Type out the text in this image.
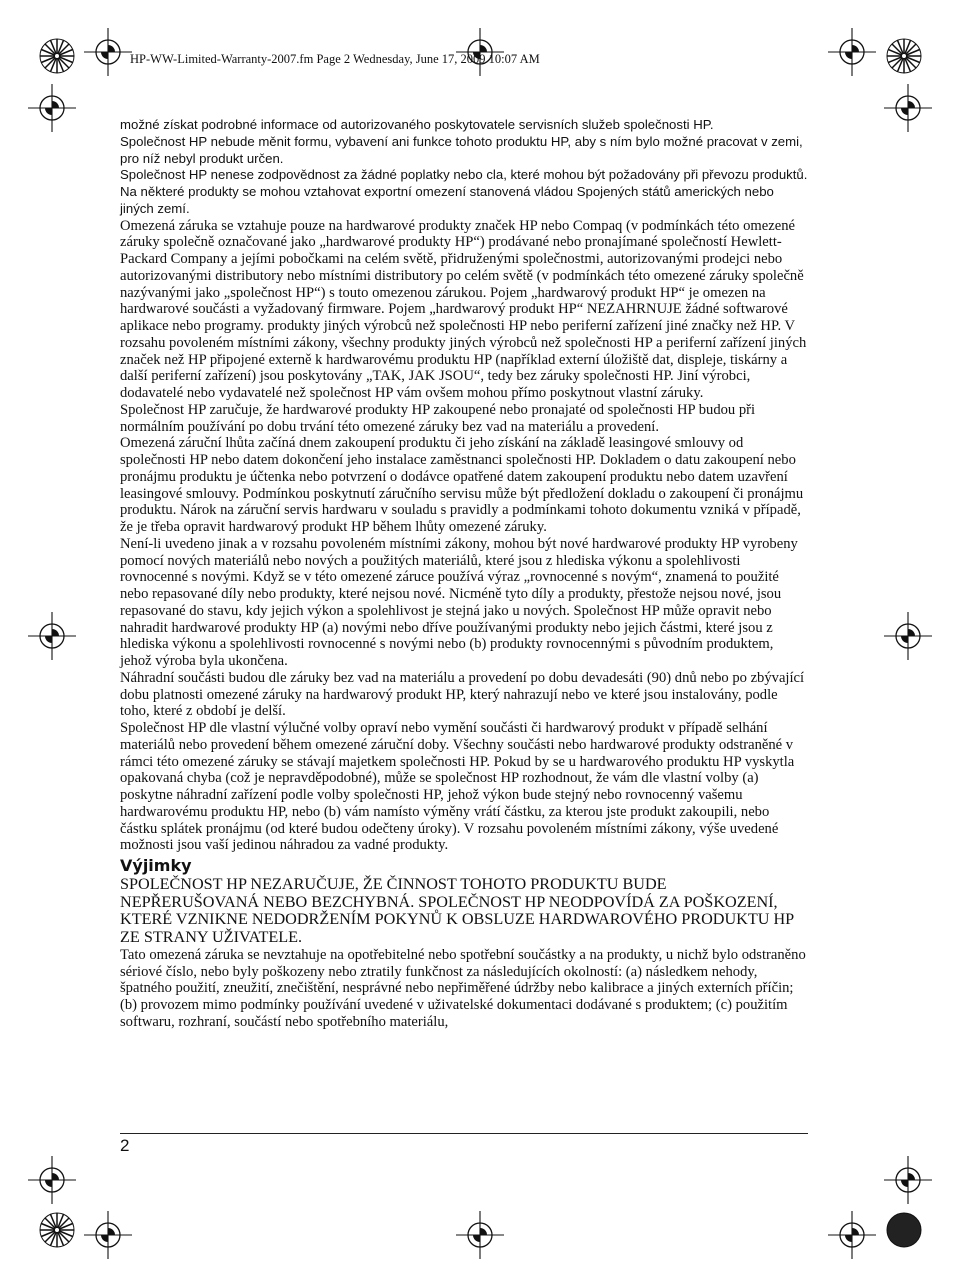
HP-WW-Limited-Warranty-2007.fm Page 2 Wednesday, June 17, 2009 10:07 AM

možné získat podrobné informace od autorizovaného poskytovatele servisních služeb společnosti HP.

Společnost HP nebude měnit formu, vybavení ani funkce tohoto produktu HP, aby s ním bylo možné pracovat v zemi, pro níž nebyl produkt určen.

Společnost HP nenese zodpovědnost za žádné poplatky nebo cla, které mohou být požadovány při převozu produktů. Na některé produkty se mohou vztahovat exportní omezení stanovená vládou Spojených států amerických nebo jiných zemí.

Omezená záruka se vztahuje pouze na hardwarové produkty značek HP nebo Compaq (v podmínkách této omezené záruky společně označované jako „hardwarové produkty HP“) prodávané nebo pronajímané společností Hewlett-Packard Company a jejími pobočkami na celém světě, přidruženými společnostmi, autorizovanými prodejci nebo autorizovanými distributory nebo místními distributory po celém světě (v podmínkách této omezené záruky společně nazývanými jako „společnost HP“) s touto omezenou zárukou. Pojem „hardwarový produkt HP“ je omezen na hardwarové součásti a vyžadovaný firmware. Pojem „hardwarový produkt HP“ NEZAHRNUJE žádné softwarové aplikace nebo programy. produkty jiných výrobců než společnosti HP nebo periferní zařízení jiné značky než HP. V rozsahu povoleném místními zákony, všechny produkty jiných výrobců než společnosti HP a periferní zařízení jiných značek než HP připojené externě k hardwarovému produktu HP (například externí úložiště dat, displeje, tiskárny a další periferní zařízení) jsou poskytovány „TAK, JAK JSOU“, tedy bez záruky společnosti HP. Jiní výrobci, dodavatelé nebo vydavatelé než společnost HP vám ovšem mohou přímo poskytnout vlastní záruky.

Společnost HP zaručuje, že hardwarové produkty HP zakoupené nebo pronajaté od společnosti HP budou při normálním používání po dobu trvání této omezené záruky bez vad na materiálu a provedení.

Omezená záruční lhůta začíná dnem zakoupení produktu či jeho získání na základě leasingové smlouvy od společnosti HP nebo datem dokončení jeho instalace zaměstnanci společnosti HP. Dokladem o datu zakoupení nebo pronájmu produktu je účtenka nebo potvrzení o dodávce opatřené datem zakoupení produktu nebo datem uzavření leasingové smlouvy. Podmínkou poskytnutí záručního servisu může být předložení dokladu o zakoupení či pronájmu produktu. Nárok na záruční servis hardwaru v souladu s pravidly a podmínkami tohoto dokumentu vzniká v případě, že je třeba opravit hardwarový produkt HP během lhůty omezené záruky.

Není-li uvedeno jinak a v rozsahu povoleném místními zákony, mohou být nové hardwarové produkty HP vyrobeny pomocí nových materiálů nebo nových a použitých materiálů, které jsou z hlediska výkonu a spolehlivosti rovnocenné s novými. Když se v této omezené záruce používá výraz „rovnocenné s novým“, znamená to použité nebo repasované díly nebo produkty, které nejsou nové. Nicméně tyto díly a produkty, přestože nejsou nové, jsou repasované do stavu, kdy jejich výkon a spolehlivost je stejná jako u nových. Společnost HP může opravit nebo nahradit hardwarové produkty HP (a) novými nebo dříve používanými produkty nebo jejich částmi, které jsou z hlediska výkonu a spolehlivosti rovnocenné s novými nebo (b) produkty rovnocennými s původním produktem, jehož výroba byla ukončena.

Náhradní součásti budou dle záruky bez vad na materiálu a provedení po dobu devadesáti (90) dnů nebo po zbývající dobu platnosti omezené záruky na hardwarový produkt HP, který nahrazují nebo ve které jsou instalovány, podle toho, které z období je delší.

Společnost HP dle vlastní výlučné volby opraví nebo vymění součásti či hardwarový produkt v případě selhání materiálů nebo provedení během omezené záruční doby. Všechny součásti nebo hardwarové produkty odstraněné v rámci této omezené záruky se stávají majetkem společnosti HP. Pokud by se u hardwarového produktu HP vyskytla opakovaná chyba (což je nepravděpodobné), může se společnost HP rozhodnout, že vám dle vlastní volby (a) poskytne náhradní zařízení podle volby společnosti HP, jehož výkon bude stejný nebo rovnocenný vašemu hardwarovému produktu HP, nebo (b) vám namísto výměny vrátí částku, za kterou jste produkt zakoupili, nebo částku splátek pronájmu (od které budou odečteny úroky). V rozsahu povoleném místními zákony, výše uvedené možnosti jsou vaší jedinou náhradou za vadné produkty.

Výjimky

SPOLEČNOST HP NEZARUČUJE, ŽE ČINNOST TOHOTO PRODUKTU BUDE NEPŘERUŠOVANÁ NEBO BEZCHYBNÁ. SPOLEČNOST HP NEODPOVÍDÁ ZA POŠKOZENÍ, KTERÉ VZNIKNE NEDODRŽENÍM POKYNŮ K OBSLUZE HARDWAROVÉHO PRODUKTU HP ZE STRANY UŽIVATELE.

Tato omezená záruka se nevztahuje na opotřebitelné nebo spotřební součástky a na produkty, u nichž bylo odstraněno sériové číslo, nebo byly poškozeny nebo ztratily funkčnost za následujících okolností: (a) následkem nehody, špatného použití, zneužití, znečištění, nesprávné nebo nepřiměřené údržby nebo kalibrace a jiných externích příčin; (b) provozem mimo podmínky používání uvedené v uživatelské dokumentaci dodávané s produktem; (c) použitím softwaru, rozhraní, součástí nebo spotřebního materiálu,

2
